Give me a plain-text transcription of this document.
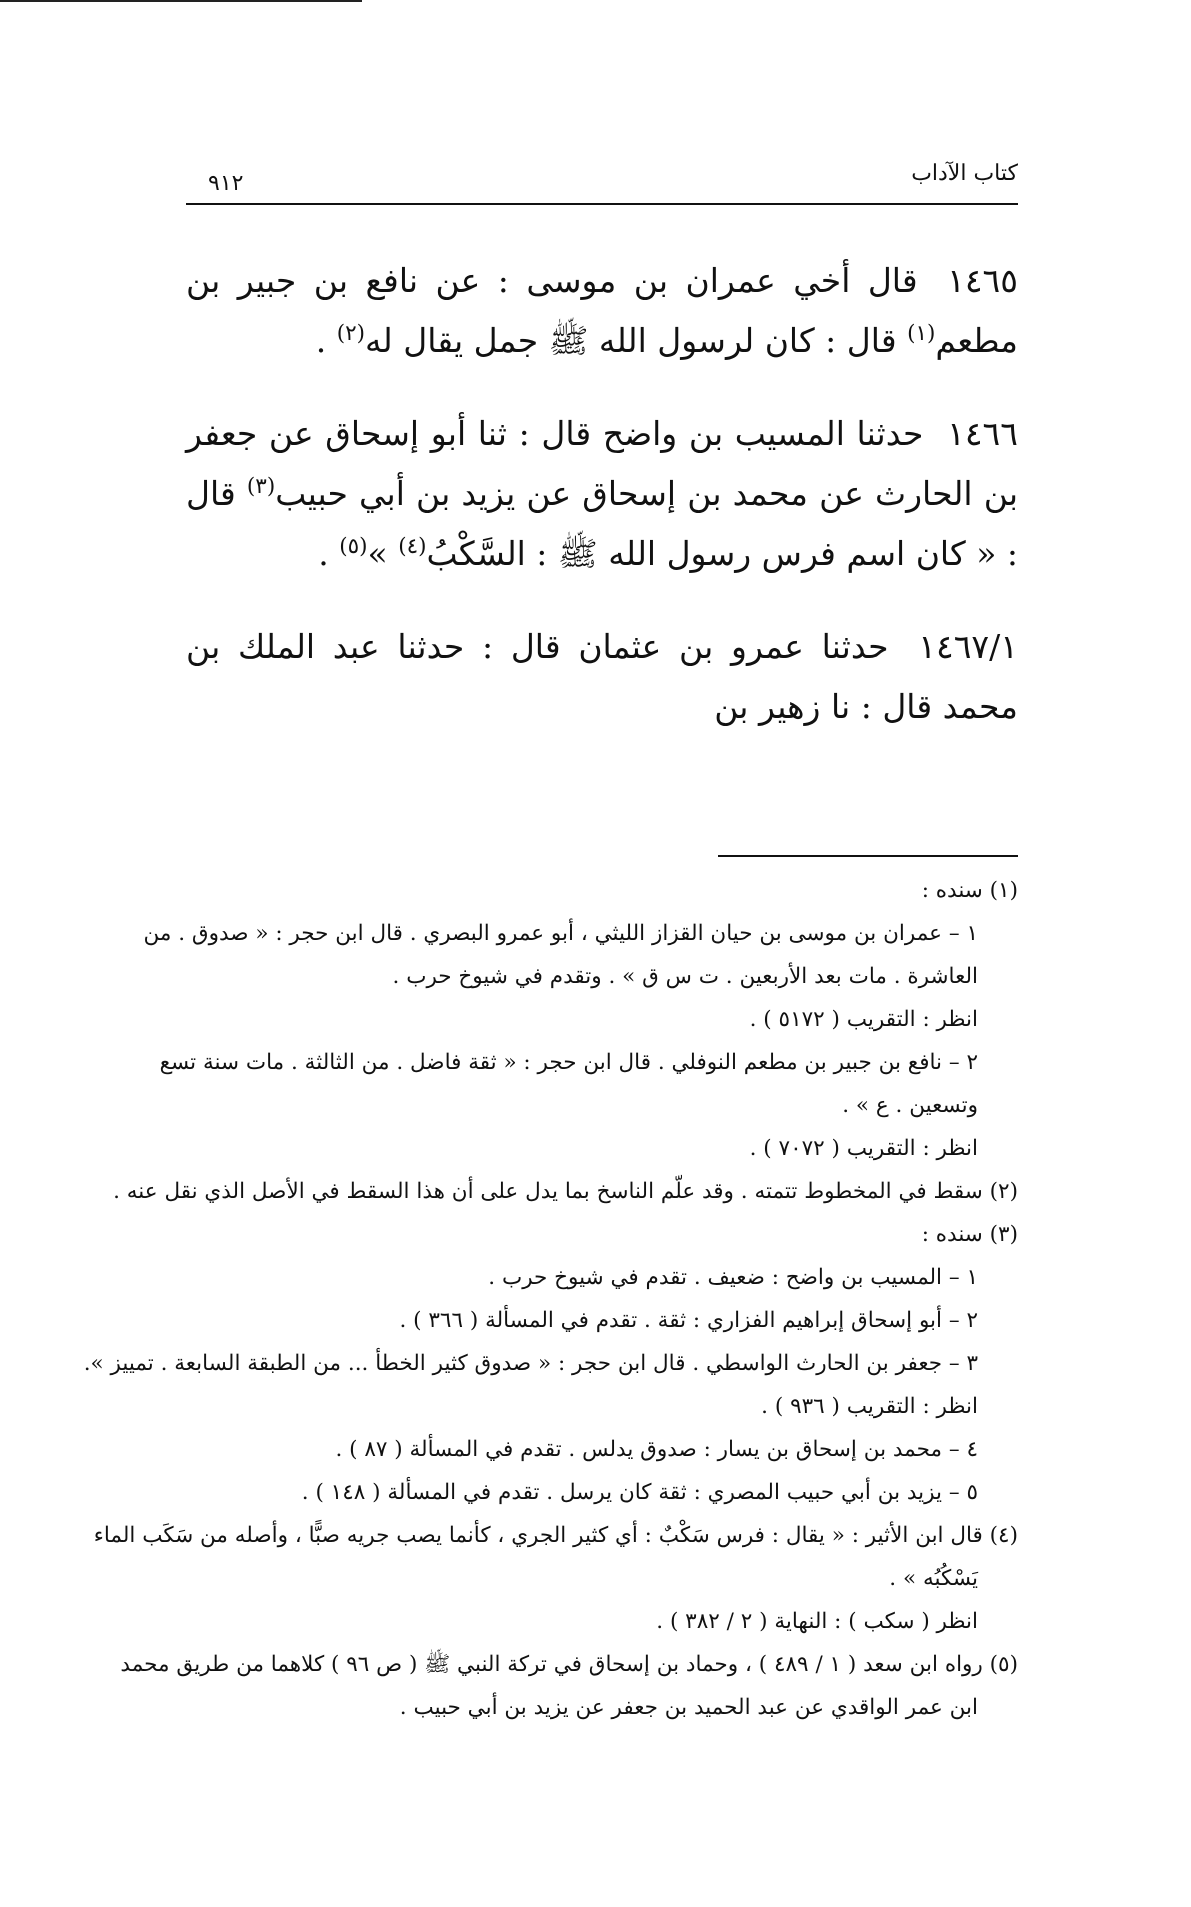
كتاب الآداب
٩١٢

١٤٦٥ قال أخي عمران بن موسى : عن نافع بن جبير بن مطعم$^{(١)}$ قال : كان لرسول الله ﷺ جمل يقال له$^{(٢)}$ .

١٤٦٦ حدثنا المسيب بن واضح قال : ثنا أبو إسحاق عن جعفر بن الحارث عن محمد بن إسحاق عن يزيد بن أبي حبيب$^{(٣)}$ قال : « كان اسم فرس رسول الله ﷺ : السَّكْبُ$^{(٤)}$ »$^{(٥)}$ .

١٤٦٧/١ حدثنا عمرو بن عثمان قال : حدثنا عبد الملك بن محمد قال : نا زهير بن

(١) سنده :
١ – عمران بن موسى بن حيان القزاز الليثي ، أبو عمرو البصري . قال ابن حجر : « صدوق . من
العاشرة . مات بعد الأربعين . ت س ق » . وتقدم في شيوخ حرب .
انظر : التقريب ( ٥١٧٢ ) .
٢ – نافع بن جبير بن مطعم النوفلي . قال ابن حجر : « ثقة فاضل . من الثالثة . مات سنة تسع
وتسعين . ع » .
انظر : التقريب ( ٧٠٧٢ ) .
(٢) سقط في المخطوط تتمته . وقد علّم الناسخ بما يدل على أن هذا السقط في الأصل الذي نقل عنه .
(٣) سنده :
١ – المسيب بن واضح : ضعيف . تقدم في شيوخ حرب .
٢ – أبو إسحاق إبراهيم الفزاري : ثقة . تقدم في المسألة ( ٣٦٦ ) .
٣ – جعفر بن الحارث الواسطي . قال ابن حجر : « صدوق كثير الخطأ ... من الطبقة السابعة . تمييز ».
انظر : التقريب ( ٩٣٦ ) .
٤ – محمد بن إسحاق بن يسار : صدوق يدلس . تقدم في المسألة ( ٨٧ ) .
٥ – يزيد بن أبي حبيب المصري : ثقة كان يرسل . تقدم في المسألة ( ١٤٨ ) .
(٤) قال ابن الأثير : « يقال : فرس سَكْبٌ : أي كثير الجري ، كأنما يصب جريه صبًّا ، وأصله من سَكَب الماء
يَسْكُبُه » .
انظر ( سكب ) : النهاية ( ٢ / ٣٨٢ ) .
(٥) رواه ابن سعد ( ١ / ٤٨٩ ) ، وحماد بن إسحاق في تركة النبي ﷺ ( ص ٩٦ ) كلاهما من طريق محمد
ابن عمر الواقدي عن عبد الحميد بن جعفر عن يزيد بن أبي حبيب .
